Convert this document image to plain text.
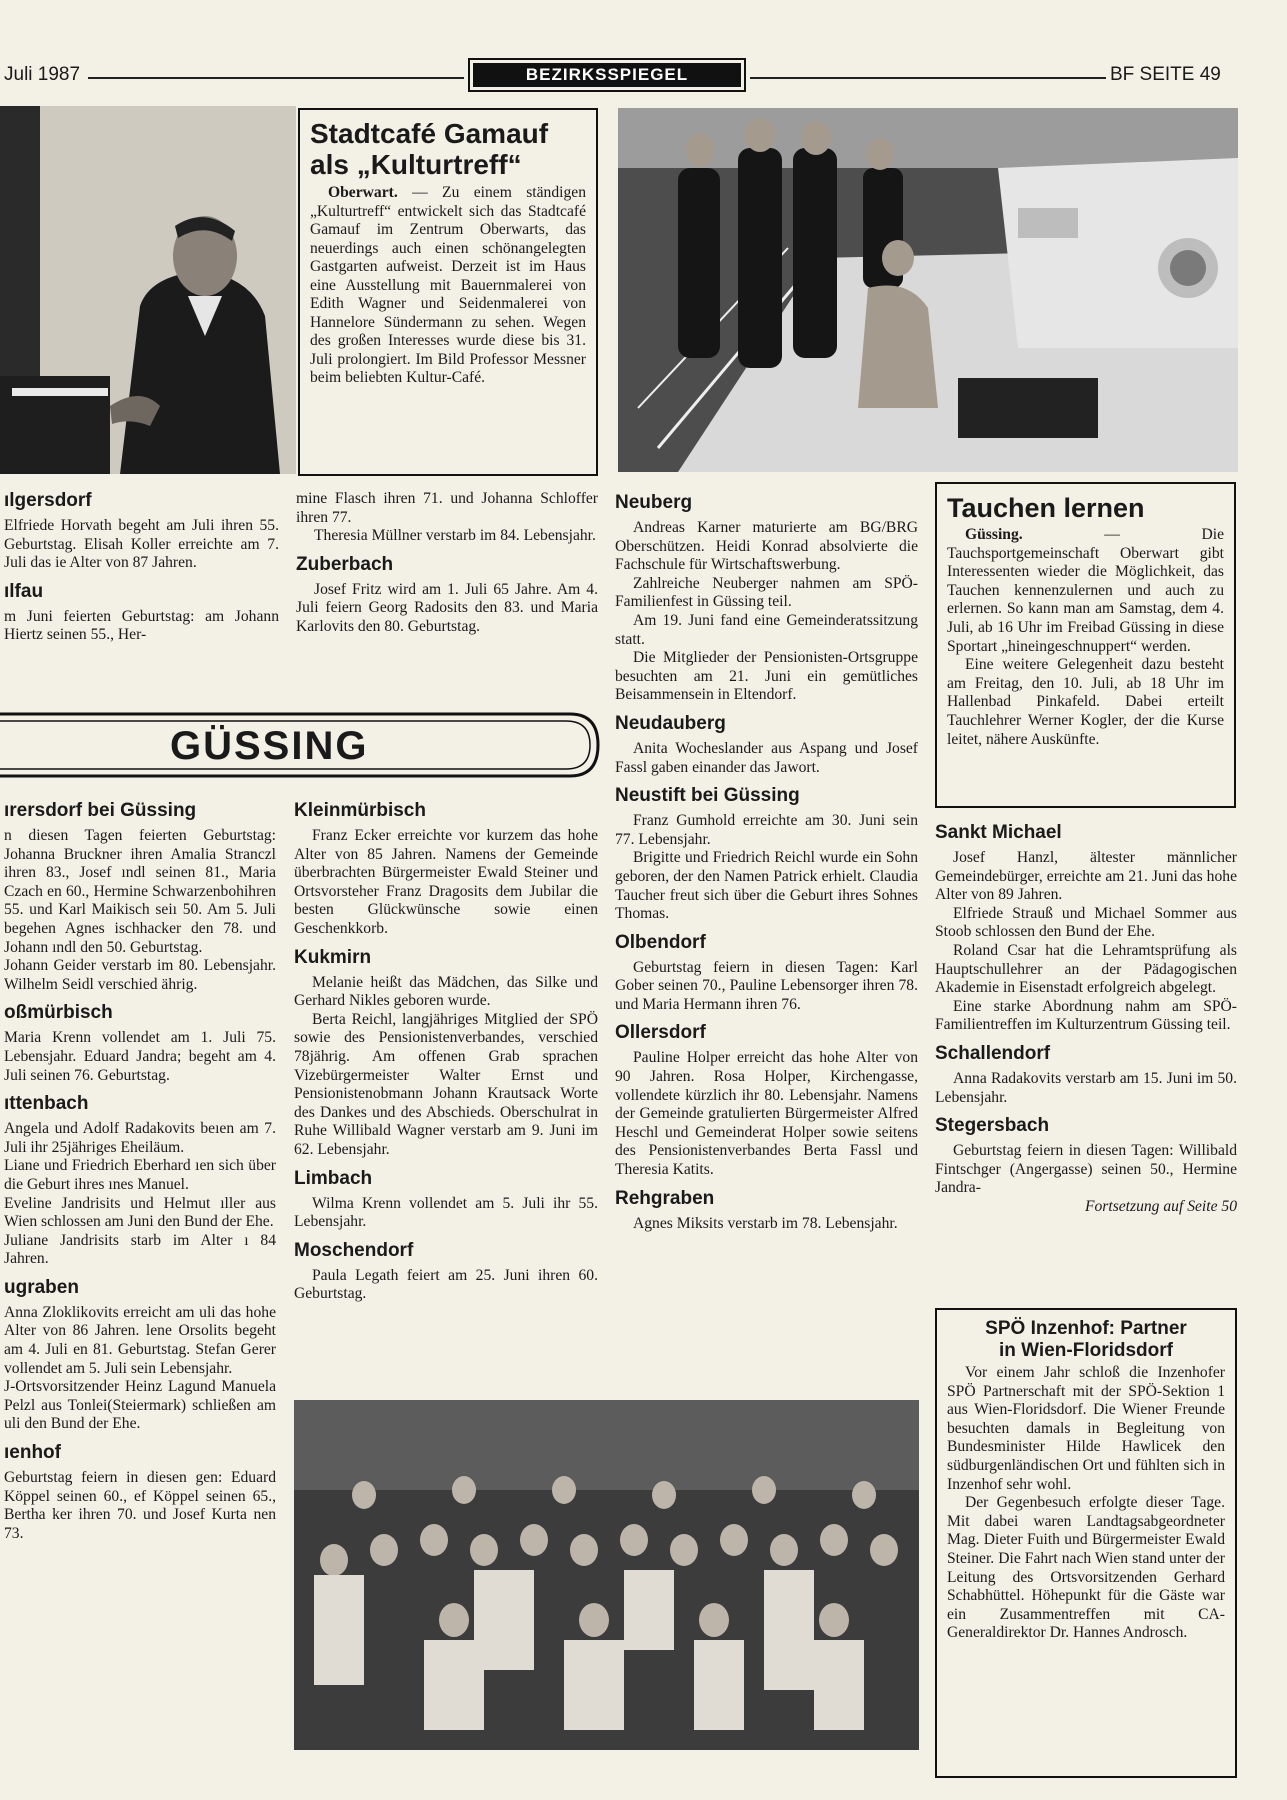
Juli 1987	BEZIRKSSPIEGEL	BF SEITE 49
Stadtcafé Gamauf
als „Kulturtreff“

Oberwart. — Zu einem ständigen „Kulturtreff“ entwickelt sich das Stadtcafé Gamauf im Zentrum Oberwarts, das neuerdings auch einen schönangelegten Gastgarten aufweist. Derzeit ist im Haus eine Ausstellung mit Bauernmalerei von Edith Wagner und Seidenmalerei von Hannelore Sündermann zu sehen. Wegen des großen Interesses wurde diese bis 31. Juli prolongiert. Im Bild Professor Messner beim beliebten Kultur-Café.

ılgersdorf

Elfriede Horvath begeht am Juli ihren 55. Geburtstag. Elisah Koller erreichte am 7. Juli das ie Alter von 87 Jahren.

ılfau

m Juni feierten Geburtstag: am Johann Hiertz seinen 55., Her-

mine Flasch ihren 71. und Johanna Schloffer ihren 77.

Theresia Müllner verstarb im 84. Lebensjahr.

Zuberbach

Josef Fritz wird am 1. Juli 65 Jahre. Am 4. Juli feiern Georg Radosits den 83. und Maria Karlovits den 80. Geburtstag.

GÜSSING
ırersdorf bei Güssing

n diesen Tagen feierten Geburtstag: Johanna Bruckner ihren Amalia Stranczl ihren 83., Josef ındl seinen 81., Maria Czach en 60., Hermine Schwarzenbohihren 55. und Karl Maikisch seiı 50. Am 5. Juli begehen Agnes ischhacker den 78. und Johann ındl den 50. Geburtstag.

Johann Geider verstarb im 80. Lebensjahr. Wilhelm Seidl verschied ährig.

oßmürbisch

Maria Krenn vollendet am 1. Juli 75. Lebensjahr. Eduard Jandra; begeht am 4. Juli seinen 76. Geburtstag.

ıttenbach

Angela und Adolf Radakovits beıen am 7. Juli ihr 25jähriges Eheiläum.

Liane und Friedrich Eberhard ıen sich über die Geburt ihres ınes Manuel.

Eveline Jandrisits und Helmut ıller aus Wien schlossen am Juni den Bund der Ehe.

Juliane Jandrisits starb im Alter ı 84 Jahren.

ugraben

Anna Zloklikovits erreicht am uli das hohe Alter von 86 Jahren. lene Orsolits begeht am 4. Juli en 81. Geburtstag. Stefan Gerer vollendet am 5. Juli sein Lebensjahr.

J-Ortsvorsitzender Heinz Lagund Manuela Pelzl aus Tonlei(Steiermark) schließen am uli den Bund der Ehe.

ıenhof

Geburtstag feiern in diesen gen: Eduard Köppel seinen 60., ef Köppel seinen 65., Bertha ker ihren 70. und Josef Kurta nen 73.

Kleinmürbisch

Franz Ecker erreichte vor kurzem das hohe Alter von 85 Jahren. Namens der Gemeinde überbrachten Bürgermeister Ewald Steiner und Ortsvorsteher Franz Dragosits dem Jubilar die besten Glückwünsche sowie einen Geschenkkorb.

Kukmirn

Melanie heißt das Mädchen, das Silke und Gerhard Nikles geboren wurde.

Berta Reichl, langjähriges Mitglied der SPÖ sowie des Pensionistenverbandes, verschied 78jährig. Am offenen Grab sprachen Vizebürgermeister Walter Ernst und Pensionistenobmann Johann Krautsack Worte des Dankes und des Abschieds. Oberschulrat in Ruhe Willibald Wagner verstarb am 9. Juni im 62. Lebensjahr.

Limbach

Wilma Krenn vollendet am 5. Juli ihr 55. Lebensjahr.

Moschendorf

Paula Legath feiert am 25. Juni ihren 60. Geburtstag.

Neuberg

Andreas Karner maturierte am BG/BRG Oberschützen. Heidi Konrad absolvierte die Fachschule für Wirtschaftswerbung.

Zahlreiche Neuberger nahmen am SPÖ-Familienfest in Güssing teil.

Am 19. Juni fand eine Gemeinderatssitzung statt.

Die Mitglieder der Pensionisten-Ortsgruppe besuchten am 21. Juni ein gemütliches Beisammensein in Eltendorf.

Neudauberg

Anita Wocheslander aus Aspang und Josef Fassl gaben einander das Jawort.

Neustift bei Güssing

Franz Gumhold erreichte am 30. Juni sein 77. Lebensjahr.

Brigitte und Friedrich Reichl wurde ein Sohn geboren, der den Namen Patrick erhielt. Claudia Taucher freut sich über die Geburt ihres Sohnes Thomas.

Olbendorf

Geburtstag feiern in diesen Tagen: Karl Gober seinen 70., Pauline Lebensorger ihren 78. und Maria Hermann ihren 76.

Ollersdorf

Pauline Holper erreicht das hohe Alter von 90 Jahren. Rosa Holper, Kirchengasse, vollendete kürzlich ihr 80. Lebensjahr. Namens der Gemeinde gratulierten Bürgermeister Alfred Heschl und Gemeinderat Holper sowie seitens des Pensionistenverbandes Berta Fassl und Theresia Katits.

Rehgraben

Agnes Miksits verstarb im 78. Lebensjahr.

Tauchen lernen

Güssing.	— Die Tauchsportgemeinschaft Oberwart gibt Interessenten wieder die Möglichkeit, das Tauchen kennenzulernen und auch zu erlernen. So kann man am Samstag, dem 4. Juli, ab 16 Uhr im Freibad Güssing in diese Sportart „hineingeschnuppert“ werden.

Eine weitere Gelegenheit dazu besteht am Freitag, den 10. Juli, ab 18 Uhr im Hallenbad Pinkafeld. Dabei erteilt Tauchlehrer Werner Kogler, der die Kurse leitet, nähere Auskünfte.

Sankt Michael

Josef Hanzl, ältester männlicher Gemeindebürger, erreichte am 21. Juni das hohe Alter von 89 Jahren.

Elfriede Strauß und Michael Sommer aus Stoob schlossen den Bund der Ehe.

Roland Csar hat die Lehramtsprüfung als Hauptschullehrer an der Pädagogischen Akademie in Eisenstadt erfolgreich abgelegt.

Eine starke Abordnung nahm am SPÖ-Familientreffen im Kulturzentrum Güssing teil.

Schallendorf

Anna Radakovits verstarb am 15. Juni im 50. Lebensjahr.

Stegersbach

Geburtstag feiern in diesen Tagen: Willibald Fintschger (Angergasse) seinen 50., Hermine Jandra-

Fortsetzung auf Seite 50
SPÖ Inzenhof: Partner
in Wien-Floridsdorf

Vor einem Jahr schloß die Inzenhofer SPÖ Partnerschaft mit der SPÖ-Sektion 1 aus Wien-Floridsdorf. Die Wiener Freunde besuchten damals in Begleitung von Bundesminister Hilde Hawlicek den südburgenländischen Ort und fühlten sich in Inzenhof sehr wohl.

Der Gegenbesuch erfolgte dieser Tage. Mit dabei waren Landtagsabgeordneter Mag. Dieter Fuith und Bürgermeister Ewald Steiner. Die Fahrt nach Wien stand unter der Leitung des Ortsvorsitzenden Gerhard Schabhüttel. Höhepunkt für die Gäste war ein Zusammentreffen mit CA-Generaldirektor Dr. Hannes Androsch.
